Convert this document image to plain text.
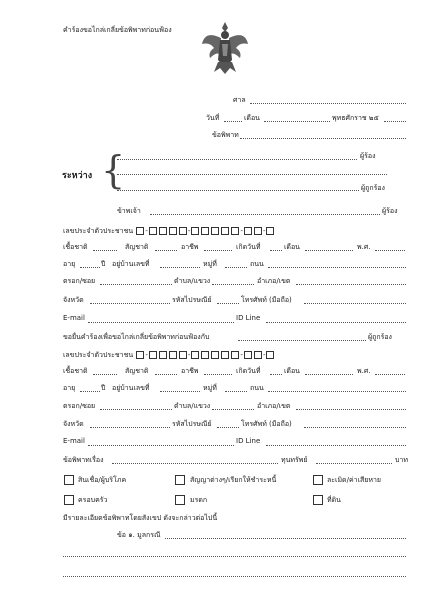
คำร้องขอไกล่เกลี่ยข้อพิพาทก่อนฟ้อง
ศาล
วันที่	เดือน	พุทธศักราช ๒๕
ข้อพิพาท
ระหว่าง {	ผู้ร้อง
ผู้ถูกร้อง
ข้าพเจ้า	ผู้ร้อง
เลขประจำตัวประชาชน -	-	-	-
เชื้อชาติ	สัญชาติ	อาชีพ	เกิดวันที่	เดือน	พ.ศ.
อายุ	ปี อยู่บ้านเลขที่	หมู่ที่	ถนน
ตรอก/ซอย	ตำบล/แขวง	อำเภอ/เขต
จังหวัด	รหัสไปรษณีย์	โทรศัพท์ (มือถือ)
E-mail	ID Line
ขอยื่นคำร้องเพื่อขอไกล่เกลี่ยข้อพิพาทก่อนฟ้องกับ	ผู้ถูกร้อง
เลขประจำตัวประชาชน -	-	-	-
เชื้อชาติ	สัญชาติ	อาชีพ	เกิดวันที่	เดือน	พ.ศ.
อายุ	ปี อยู่บ้านเลขที่	หมู่ที่	ถนน
ตรอก/ซอย	ตำบล/แขวง	อำเภอ/เขต
จังหวัด	รหัสไปรษณีย์	โทรศัพท์ (มือถือ)
E-mail	ID Line
ข้อพิพาทเรื่อง	ทุนทรัพย์	บาท
สินเชื่อ/ผู้บริโภค	สัญญาต่างๆ/เรียกให้ชำระหนี้	ละเมิด/ค่าเสียหาย
ครอบครัว	มรดก	ที่ดิน
มีรายละเอียดข้อพิพาทโดยสังเขป ดังจะกล่าวต่อไปนี้
ข้อ ๑. มูลกรณี
